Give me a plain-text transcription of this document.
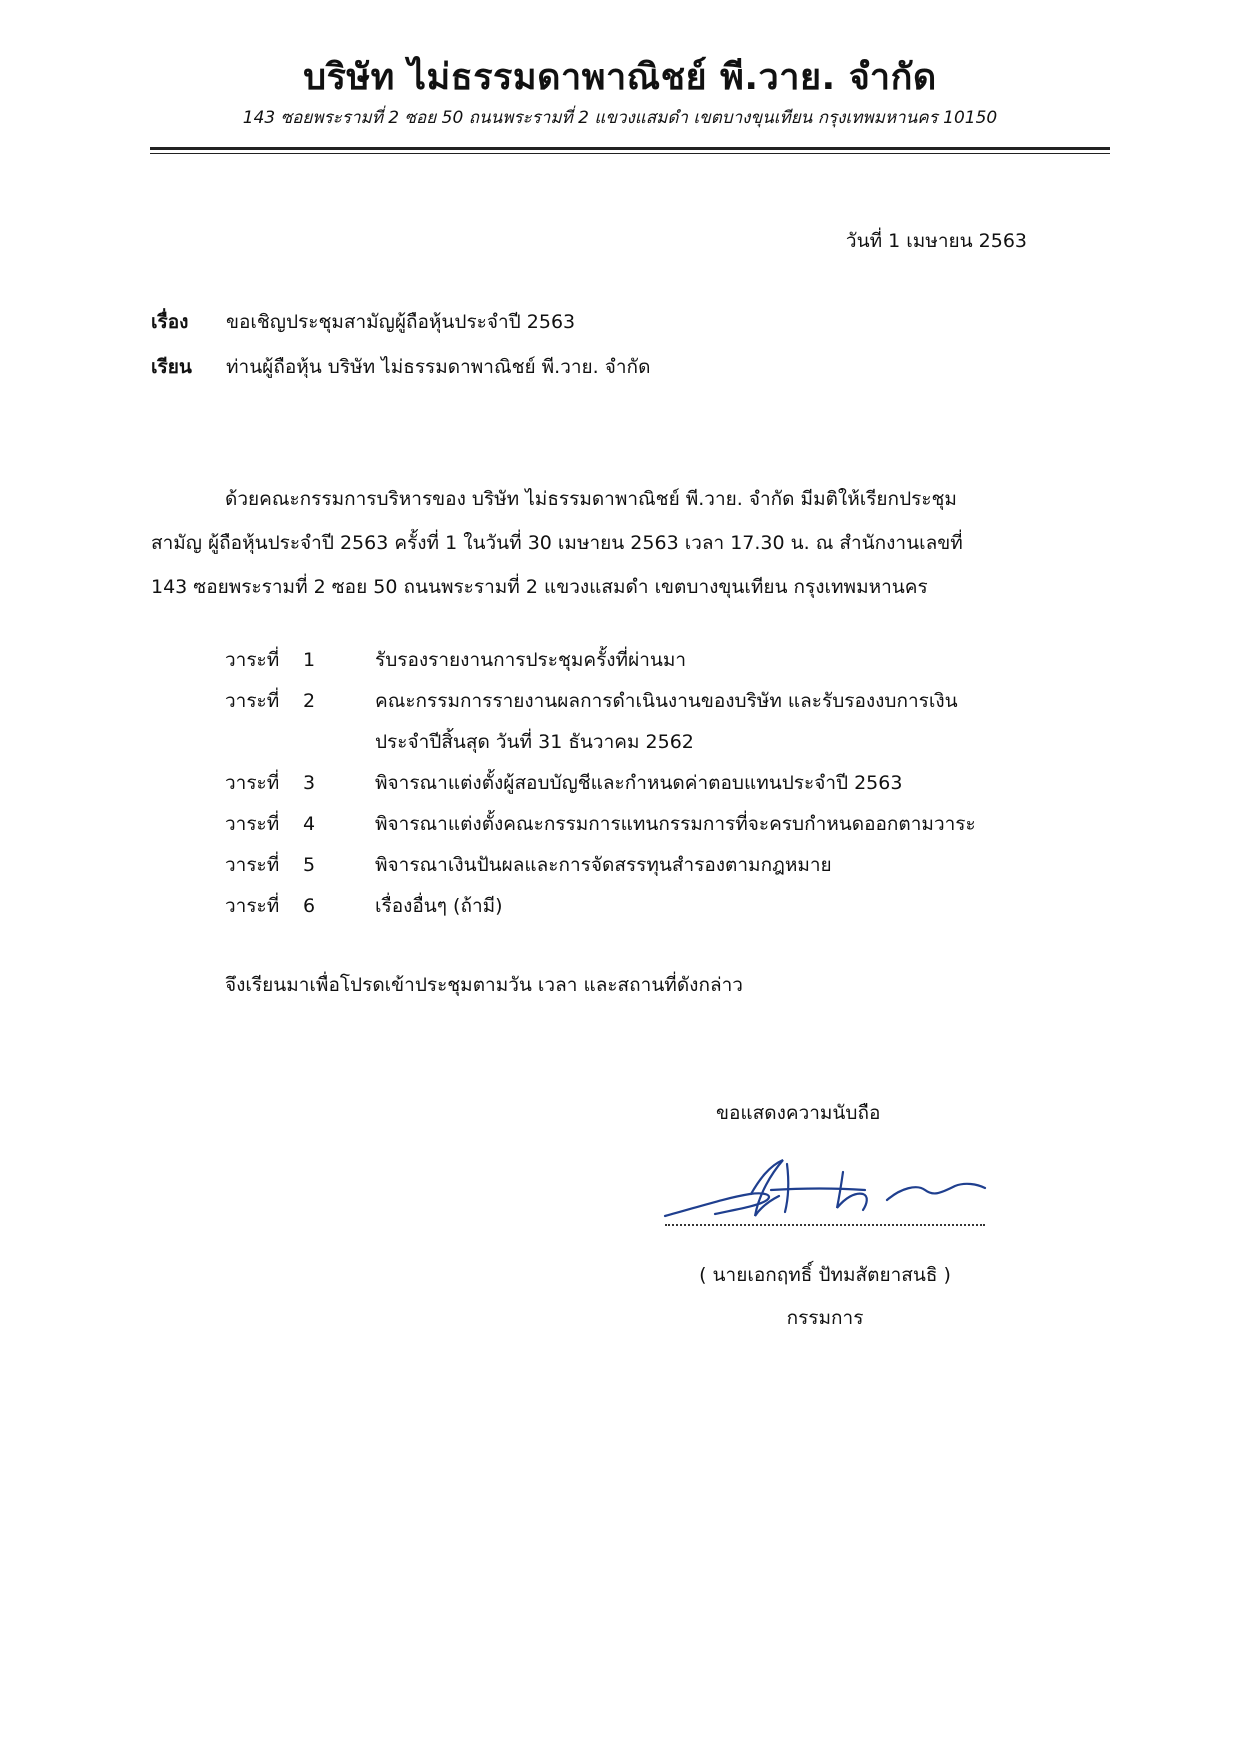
บริษัท ไม่ธรรมดาพาณิชย์ พี.วาย. จำกัด
143 ซอยพระรามที่ 2 ซอย 50 ถนนพระรามที่ 2 แขวงแสมดำ เขตบางขุนเทียน กรุงเทพมหานคร 10150
วันที่ 1 เมษายน 2563
เรื่อง ขอเชิญประชุมสามัญผู้ถือหุ้นประจำปี 2563
เรียน ท่านผู้ถือหุ้น บริษัท ไม่ธรรมดาพาณิชย์ พี.วาย. จำกัด
ด้วยคณะกรรมการบริหารของ บริษัท ไม่ธรรมดาพาณิชย์ พี.วาย. จำกัด มีมติให้เรียกประชุม
สามัญ ผู้ถือหุ้นประจำปี 2563 ครั้งที่ 1 ในวันที่ 30 เมษายน 2563 เวลา 17.30 น. ณ สำนักงานเลขที่
143 ซอยพระรามที่ 2 ซอย 50 ถนนพระรามที่ 2 แขวงแสมดำ เขตบางขุนเทียน กรุงเทพมหานคร
วาระที่ 1	รับรองรายงานการประชุมครั้งที่ผ่านมา
วาระที่ 2	คณะกรรมการรายงานผลการดำเนินงานของบริษัท และรับรองงบการเงิน
ประจำปีสิ้นสุด วันที่ 31 ธันวาคม 2562
วาระที่ 3	พิจารณาแต่งตั้งผู้สอบบัญชีและกำหนดค่าตอบแทนประจำปี 2563
วาระที่ 4	พิจารณาแต่งตั้งคณะกรรมการแทนกรรมการที่จะครบกำหนดออกตามวาระ
วาระที่ 5	พิจารณาเงินปันผลและการจัดสรรทุนสำรองตามกฎหมาย
วาระที่ 6	เรื่องอื่นๆ (ถ้ามี)
จึงเรียนมาเพื่อโปรดเข้าประชุมตามวัน เวลา และสถานที่ดังกล่าว
ขอแสดงความนับถือ
( นายเอกฤทธิ์ ปัทมสัตยาสนธิ )
กรรมการ
